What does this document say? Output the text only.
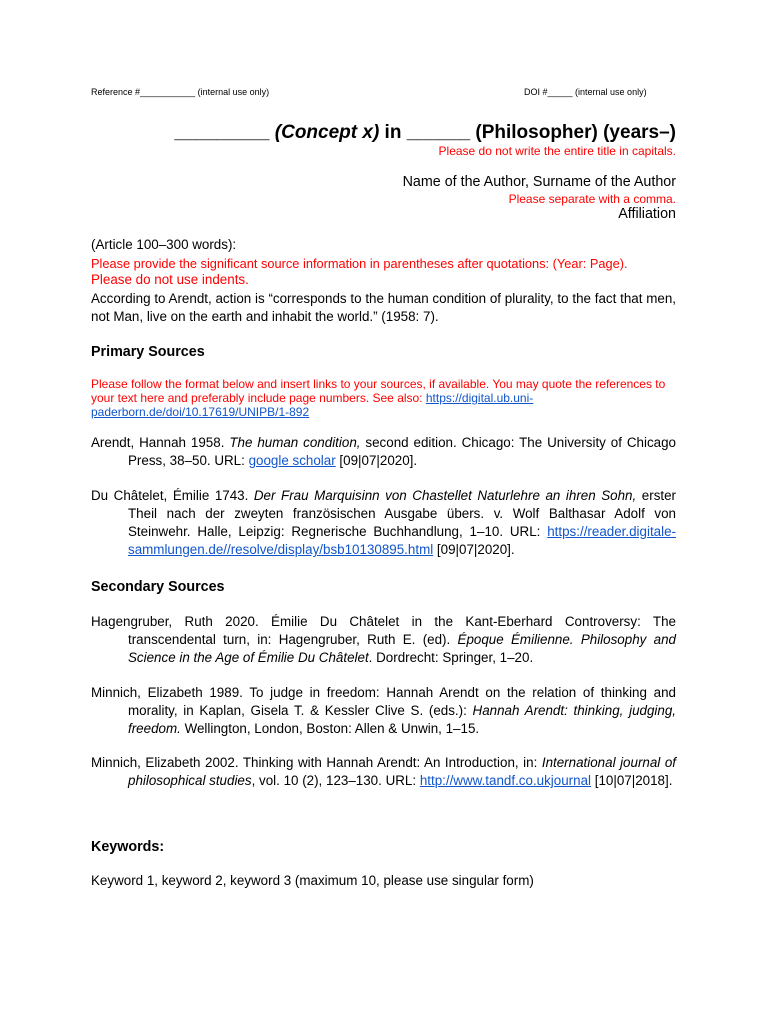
Reference #___________ (internal use only)	DOI #_____ (internal use only)
_________ (Concept x) in ______ (Philosopher) (years–)
Please do not write the entire title in capitals.
Name of the Author, Surname of the Author
Please separate with a comma.
Affiliation
(Article 100–300 words):
Please provide the significant source information in parentheses after quotations: (Year: Page).
Please do not use indents.
According to Arendt, action is “corresponds to the human condition of plurality, to the fact that men, not Man, live on the earth and inhabit the world.” (1958: 7).
Primary Sources
Please follow the format below and insert links to your sources, if available. You may quote the references to your text here and preferably include page numbers. See also: https://digital.ub.uni-paderborn.de/doi/10.17619/UNIPB/1-892
Arendt, Hannah 1958. The human condition, second edition. Chicago: The University of Chicago Press, 38–50. URL: google scholar [09|07|2020].
Du Châtelet, Émilie 1743. Der Frau Marquisinn von Chastellet Naturlehre an ihren Sohn, erster Theil nach der zweyten französischen Ausgabe übers. v. Wolf Balthasar Adolf von Steinwehr. Halle, Leipzig: Regnerische Buchhandlung, 1–10. URL: https://reader.digitale-sammlungen.de//resolve/display/bsb10130895.html [09|07|2020].
Secondary Sources
Hagengruber, Ruth 2020. Émilie Du Châtelet in the Kant-Eberhard Controversy: The transcendental turn, in: Hagengruber, Ruth E. (ed). Époque Émilienne. Philosophy and Science in the Age of Émilie Du Châtelet. Dordrecht: Springer, 1–20.
Minnich, Elizabeth 1989. To judge in freedom: Hannah Arendt on the relation of thinking and morality, in Kaplan, Gisela T. & Kessler Clive S. (eds.): Hannah Arendt: thinking, judging, freedom. Wellington, London, Boston: Allen & Unwin, 1–15.
Minnich, Elizabeth 2002. Thinking with Hannah Arendt: An Introduction, in: International journal of philosophical studies, vol. 10 (2), 123–130. URL: http://www.tandf.co.ukjournal [10|07|2018].
Keywords:
Keyword 1, keyword 2, keyword 3 (maximum 10, please use singular form)
